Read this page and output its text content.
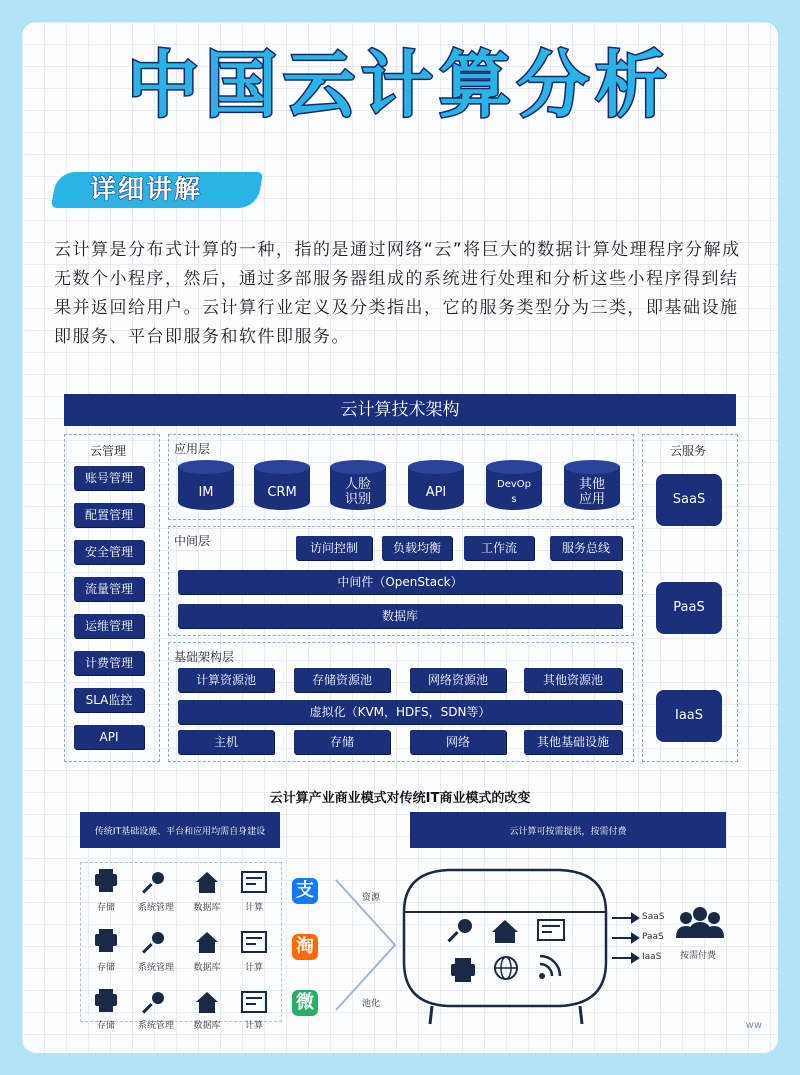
中国云计算分析
详细讲解
云计算是分布式计算的一种，指的是通过网络“云”将巨大的数据计算处理程序分解成无数个小程序，然后，通过多部服务器组成的系统进行处理和分析这些小程序得到结果并返回给用户。云计算行业定义及分类指出，它的服务类型分为三类，即基础设施即服务、平台即服务和软件即服务。
云计算技术架构
云管理
账号管理
配置管理
安全管理
流量管理
运维管理
计费管理
SLA监控
API
应用层
IM	CRM	人脸
识别	API	DevOp
s
其他
应用
中间层	访问控制	负载均衡	工作流	服务总线
中间件（OpenStack）
数据库
基础架构层
计算资源池	存储资源池	网络资源池	其他资源池
虚拟化（KVM，HDFS，SDN等）
主机	存储	网络	其他基础设施
云服务
SaaS
PaaS
IaaS
云计算产业商业模式对传统IT商业模式的改变
传统IT基础设施、平台和应用均需自身建设	云计算可按需提供，按需付费
存储	系统管理	数据库	计算
存储	系统管理	数据库	计算
存储	系统管理	数据库	计算
支
淘
微
资源
池化
SaaS
PaaS
IaaS 按需付费
ww
